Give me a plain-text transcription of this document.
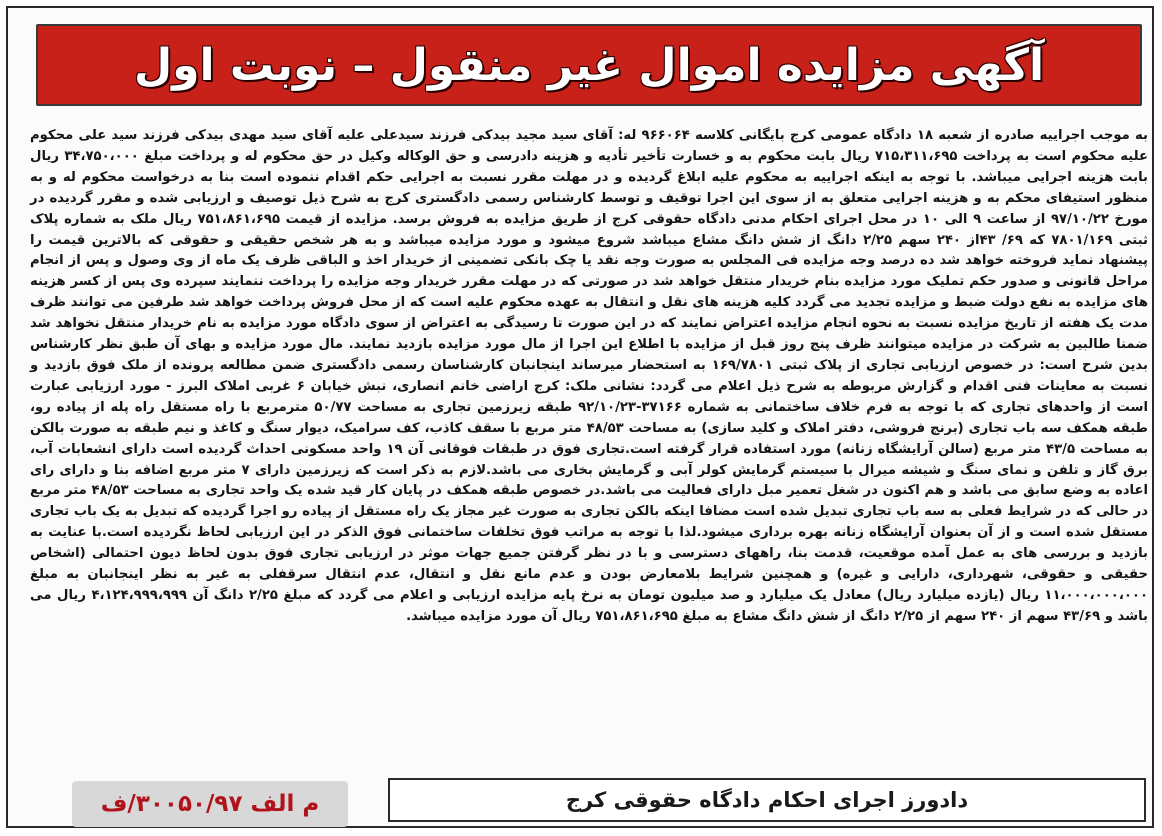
آگهی مزایده اموال غیر منقول – نوبت اول
به موجب اجراییه صادره از شعبه ۱۸ دادگاه عمومی کرج بایگانی کلاسه ۹۶۶۰۶۴ له: آقای سید مجید بیدکی فرزند سیدعلی علیه آقای سید مهدی بیدکی فرزند سید علی محکوم علیه محکوم است به پرداخت ۷۱۵،۳۱۱،۶۹۵ ریال بابت محکوم به و خسارت تأخیر تأدیه و هزینه دادرسی و حق الوکاله وکیل در حق محکوم له و پرداخت مبلغ ۳۴،۷۵۰،۰۰۰ ریال بابت هزینه اجرایی میباشد. با توجه به اینکه اجراییه به محکوم علیه ابلاغ گردیده و در مهلت مقرر نسبت به اجرایی حکم اقدام ننموده است بنا به درخواست محکوم له و به منظور استیفای محکم به و هزینه اجرایی متعلق به از سوی این اجرا توقیف و توسط کارشناس رسمی دادگستری کرج به شرح ذیل توصیف و ارزیابی شده و مقرر گردیده در مورخ ۹۷/۱۰/۲۲ از ساعت ۹ الی ۱۰ در محل اجرای احکام مدنی دادگاه حقوقی کرج از طریق مزایده به فروش برسد. مزایده از قیمت ۷۵۱،۸۶۱،۶۹۵ ریال ملک به شماره پلاک ثبتی ۷۸۰۱/۱۶۹ که ۶۹/ ۴۳از ۲۴۰ سهم ۲/۲۵ دانگ از شش دانگ مشاع میباشد شروع میشود و مورد مزایده میباشد و به هر شخص حقیقی و حقوقی که بالاترین قیمت را پیشنهاد نماید فروخته خواهد شد ده درصد وجه مزایده فی المجلس به صورت وجه نقد یا چک بانکی تضمینی از خریدار اخذ و الباقی ظرف یک ماه از وی وصول و پس از انجام مراحل قانونی و صدور حکم تملیک مورد مزایده بنام خریدار منتقل خواهد شد در صورتی که در مهلت مقرر خریدار وجه مزایده را پرداخت ننمایند سپرده وی پس از کسر هزینه های مزایده به نفع دولت ضبط و مزایده تجدید می گردد کلیه هزینه های نقل و انتقال به عهده محکوم علیه است که از محل فروش پرداخت خواهد شد طرفین می توانند ظرف مدت یک هفته از تاریخ مزایده نسبت به نحوه انجام مزایده اعتراض نمایند که در این صورت تا رسیدگی به اعتراض از سوی دادگاه مورد مزایده به نام خریدار منتقل نخواهد شد ضمنا طالبین به شرکت در مزایده میتوانند ظرف پنج روز قبل از مزایده با اطلاع این اجرا از مال مورد مزایده بازدید نمایند. مال مورد مزایده و بهای آن طبق نظر کارشناس بدین شرح است: در خصوص ارزیابی تجاری از پلاک ثبتی ۱۶۹/۷۸۰۱ به استحضار میرساند اینجانبان کارشناسان رسمی دادگستری ضمن مطالعه پرونده از ملک فوق بازدید و نسبت به معاینات فنی اقدام و گزارش مربوطه به شرح ذیل اعلام می گردد: نشانی ملک: کرج اراضی خانم انصاری، نبش خیابان ۶ غربی املاک البرز - مورد ارزیابی عبارت است از واحدهای تجاری که با توجه به فرم خلاف ساختمانی به شماره ۳۷۱۶۶-۹۲/۱۰/۲۳ طبقه زیرزمین تجاری به مساحت ۵۰/۷۷ مترمربع با راه مستقل راه پله از پیاده رو، طبقه همکف سه باب تجاری (برنج فروشی، دفتر املاک و کلید سازی) به مساحت ۴۸/۵۳ متر مربع با سقف کاذب، کف سرامیک، دیوار سنگ و کاغذ و نیم طبقه به صورت بالکن به مساحت ۴۳/۵ متر مربع (سالن آرایشگاه زنانه) مورد استفاده قرار گرفته است.تجاری فوق در طبقات فوقانی آن ۱۹ واحد مسکونی احداث گردیده است دارای انشعابات آب، برق گاز و تلفن و نمای سنگ و شیشه میرال با سیستم گرمایش کولر آبی و گرمایش بخاری می باشد.لازم به ذکر است که زیرزمین دارای ۷ متر مربع اضافه بنا و دارای رای اعاده به وضع سابق می باشد و هم اکنون در شغل تعمیر مبل دارای فعالیت می باشد.در خصوص طبقه همکف در پایان کار قید شده یک واحد تجاری به مساحت ۴۸/۵۳ متر مربع در حالی که در شرایط فعلی به سه باب تجاری تبدیل شده است مضافا اینکه بالکن تجاری به صورت غیر مجاز یک راه مستقل از پیاده رو اجرا گردیده که تبدیل به یک باب تجاری مستقل شده است و از آن بعنوان آرایشگاه زنانه بهره برداری میشود.لذا با توجه به مراتب فوق تخلفات ساختمانی فوق الذکر در این ارزیابی لحاظ نگردیده است.با عنایت به بازدید و بررسی های به عمل آمده موقعیت، قدمت بنا، راههای دسترسی و با در نظر گرفتن جمیع جهات موثر در ارزیابی تجاری فوق بدون لحاظ دیون احتمالی (اشخاص حقیقی و حقوقی، شهرداری، دارایی و غیره) و همچنین شرایط بلامعارض بودن و عدم مانع نقل و انتقال، عدم انتقال سرقفلی به غیر به نظر اینجانبان به مبلغ ۱۱،۰۰۰،۰۰۰،۰۰۰ ریال (یازده میلیارد ریال) معادل یک میلیارد و صد میلیون تومان به نرخ پایه مزایده ارزیابی و اعلام می گردد که مبلغ ۲/۲۵ دانگ آن ۴،۱۲۴،۹۹۹،۹۹۹ ریال می باشد و ۴۳/۶۹ سهم از ۲۴۰ سهم از ۲/۲۵ دانگ از شش دانگ مشاع به مبلغ ۷۵۱،۸۶۱،۶۹۵ ریال آن مورد مزایده میباشد.
دادورز اجرای احکام دادگاه حقوقی کرج
م الف ۳۰۰۵۰/۹۷/ف
